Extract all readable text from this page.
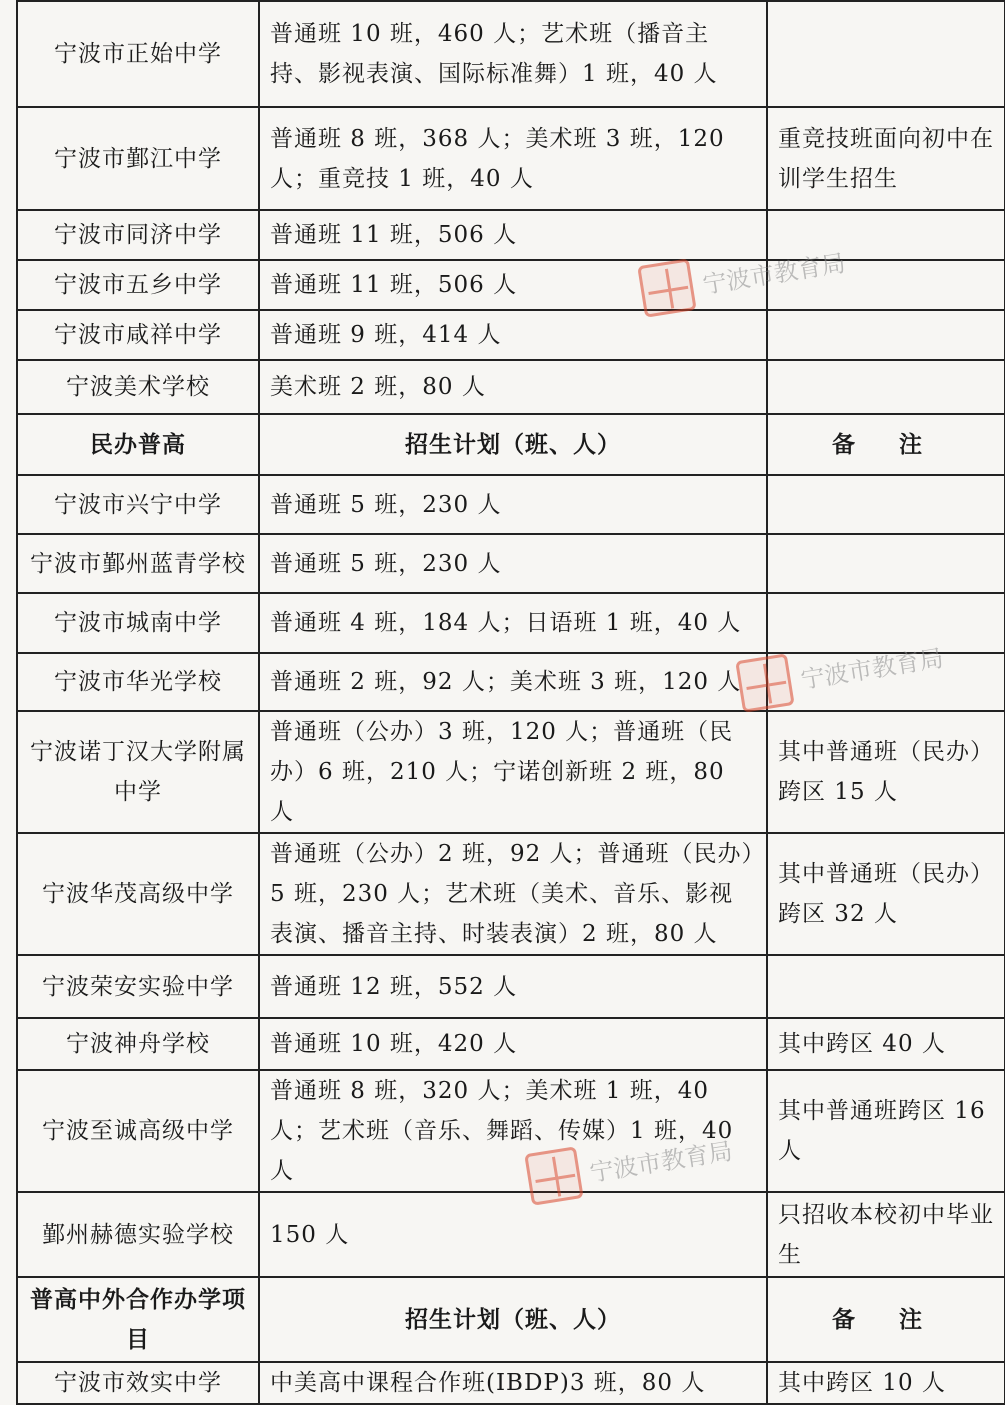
宁波市正始中学	普通班 10 班，460 人；艺术班（播音主持、影视表演、国际标准舞）1 班，40 人	
宁波市鄞江中学	普通班 8 班，368 人；美术班 3 班，120 人；重竞技 1 班，40 人	重竞技班面向初中在训学生招生
宁波市同济中学	普通班 11 班，506 人	
宁波市五乡中学	普通班 11 班，506 人	
宁波市咸祥中学	普通班 9 班，414 人	
宁波美术学校	美术班 2 班，80 人	
民办普高	招生计划（班、人）	备 注
宁波市兴宁中学	普通班 5 班，230 人	
宁波市鄞州蓝青学校	普通班 5 班，230 人	
宁波市城南中学	普通班 4 班，184 人；日语班 1 班，40 人	
宁波市华光学校	普通班 2 班，92 人；美术班 3 班，120 人	
宁波诺丁汉大学附属中学	普通班（公办）3 班，120 人；普通班（民办）6 班，210 人；宁诺创新班 2 班，80 人	其中普通班（民办）跨区 15 人
宁波华茂高级中学	普通班（公办）2 班，92 人；普通班（民办）5 班，230 人；艺术班（美术、音乐、影视表演、播音主持、时装表演）2 班，80 人	其中普通班（民办）跨区 32 人
宁波荣安实验中学	普通班 12 班，552 人	
宁波神舟学校	普通班 10 班，420 人	其中跨区 40 人
宁波至诚高级中学	普通班 8 班，320 人；美术班 1 班，40 人；艺术班（音乐、舞蹈、传媒）1 班，40 人	其中普通班跨区 16 人
鄞州赫德实验学校	150 人	只招收本校初中毕业生
普高中外合作办学项目	招生计划（班、人）	备 注
宁波市效实中学	中美高中课程合作班(IBDP)3 班，80 人	其中跨区 10 人
宁波市教育局
宁波市教育局
宁波市教育局
